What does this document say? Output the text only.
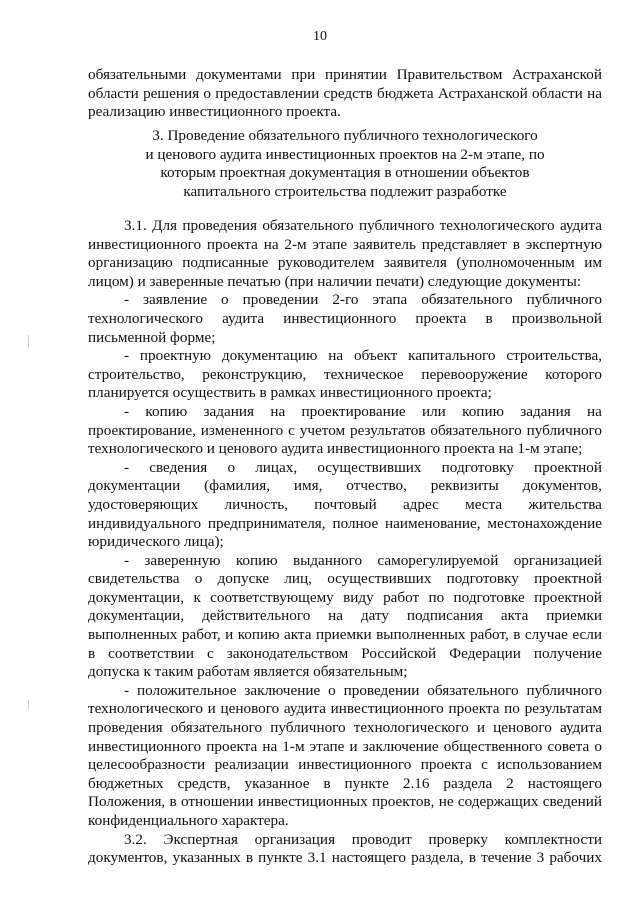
10
обязательными документами при принятии Правительством Астраханской
области решения о предоставлении средств бюджета Астраханской области на
реализацию инвестиционного проекта.
3. Проведение обязательного публичного технологического
и ценового аудита инвестиционных проектов на 2-м этапе, по
которым проектная документация в отношении объектов
капитального строительства подлежит разработке
3.1. Для проведения обязательного публичного технологического аудита
инвестиционного проекта на 2-м этапе заявитель представляет в экспертную
организацию подписанные руководителем заявителя (уполномоченным им
лицом) и заверенные печатью (при наличии печати) следующие документы:
- заявление о проведении 2-го этапа обязательного публичного
технологического аудита инвестиционного проекта в произвольной
письменной форме;
- проектную документацию на объект капитального строительства,
строительство, реконструкцию, техническое перевооружение которого
планируется осуществить в рамках инвестиционного проекта;
- копию задания на проектирование или копию задания на
проектирование, измененного с учетом результатов обязательного публичного
технологического и ценового аудита инвестиционного проекта на 1-м этапе;
- сведения о лицах, осуществивших подготовку проектной
документации (фамилия, имя, отчество, реквизиты документов,
удостоверяющих личность, почтовый адрес места жительства
индивидуального предпринимателя, полное наименование, местонахождение
юридического лица);
- заверенную копию выданного саморегулируемой организацией
свидетельства о допуске лиц, осуществивших подготовку проектной
документации, к соответствующему виду работ по подготовке проектной
документации, действительного на дату подписания акта приемки
выполненных работ, и копию акта приемки выполненных работ, в случае если
в соответствии с законодательством Российской Федерации получение
допуска к таким работам является обязательным;
- положительное заключение о проведении обязательного публичного
технологического и ценового аудита инвестиционного проекта по результатам
проведения обязательного публичного технологического и ценового аудита
инвестиционного проекта на 1-м этапе и заключение общественного совета о
целесообразности реализации инвестиционного проекта с использованием
бюджетных средств, указанное в пункте 2.16 раздела 2 настоящего
Положения, в отношении инвестиционных проектов, не содержащих сведений
конфиденциального характера.
3.2. Экспертная организация проводит проверку комплектности
документов, указанных в пункте 3.1 настоящего раздела, в течение 3 рабочих
